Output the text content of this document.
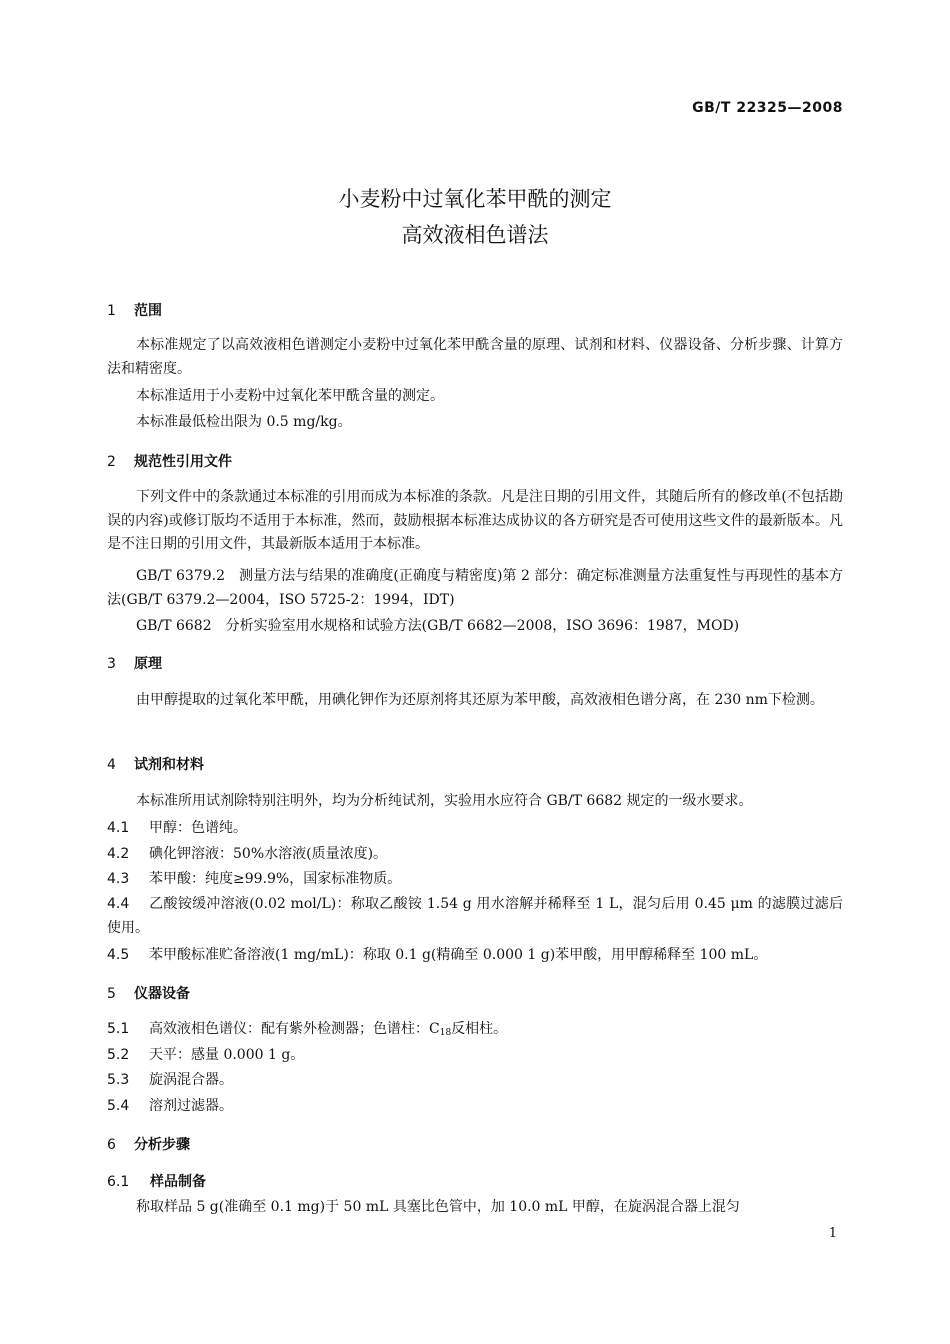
GB/T 22325—2008
小麦粉中过氧化苯甲酰的测定
高效液相色谱法
1 范围
本标准规定了以高效液相色谱测定小麦粉中过氧化苯甲酰含量的原理、试剂和材料、仪器设备、分析步骤、计算方法和精密度。
本标准适用于小麦粉中过氧化苯甲酰含量的测定。
本标准最低检出限为 0.5 mg/kg。
2 规范性引用文件
下列文件中的条款通过本标准的引用而成为本标准的条款。凡是注日期的引用文件，其随后所有的修改单(不包括勘误的内容)或修订版均不适用于本标准，然而，鼓励根据本标准达成协议的各方研究是否可使用这些文件的最新版本。凡是不注日期的引用文件，其最新版本适用于本标准。
GB/T 6379.2　测量方法与结果的准确度(正确度与精密度)第 2 部分：确定标准测量方法重复性与再现性的基本方法(GB/T 6379.2—2004，ISO 5725-2：1994，IDT)
GB/T 6682　分析实验室用水规格和试验方法(GB/T 6682—2008，ISO 3696：1987，MOD)
3 原理
由甲醇提取的过氧化苯甲酰，用碘化钾作为还原剂将其还原为苯甲酸，高效液相色谱分离，在 230 nm下检测。
4 试剂和材料
本标准所用试剂除特别注明外，均为分析纯试剂，实验用水应符合 GB/T 6682 规定的一级水要求。
4.1 甲醇：色谱纯。
4.2 碘化钾溶液：50%水溶液(质量浓度)。
4.3 苯甲酸：纯度≥99.9%，国家标准物质。
4.4 乙酸铵缓冲溶液(0.02 mol/L)：称取乙酸铵 1.54 g 用水溶解并稀释至 1 L，混匀后用 0.45 μm 的滤膜过滤后使用。
4.5 苯甲酸标准贮备溶液(1 mg/mL)：称取 0.1 g(精确至 0.000 1 g)苯甲酸，用甲醇稀释至 100 mL。
5 仪器设备
5.1 高效液相色谱仪：配有紫外检测器；色谱柱：$C_{18}$反相柱。
5.2 天平：感量 0.000 1 g。
5.3 旋涡混合器。
5.4 溶剂过滤器。
6 分析步骤
6.1 样品制备
称取样品 5 g(准确至 0.1 mg)于 50 mL 具塞比色管中，加 10.0 mL 甲醇，在旋涡混合器上混匀
1
